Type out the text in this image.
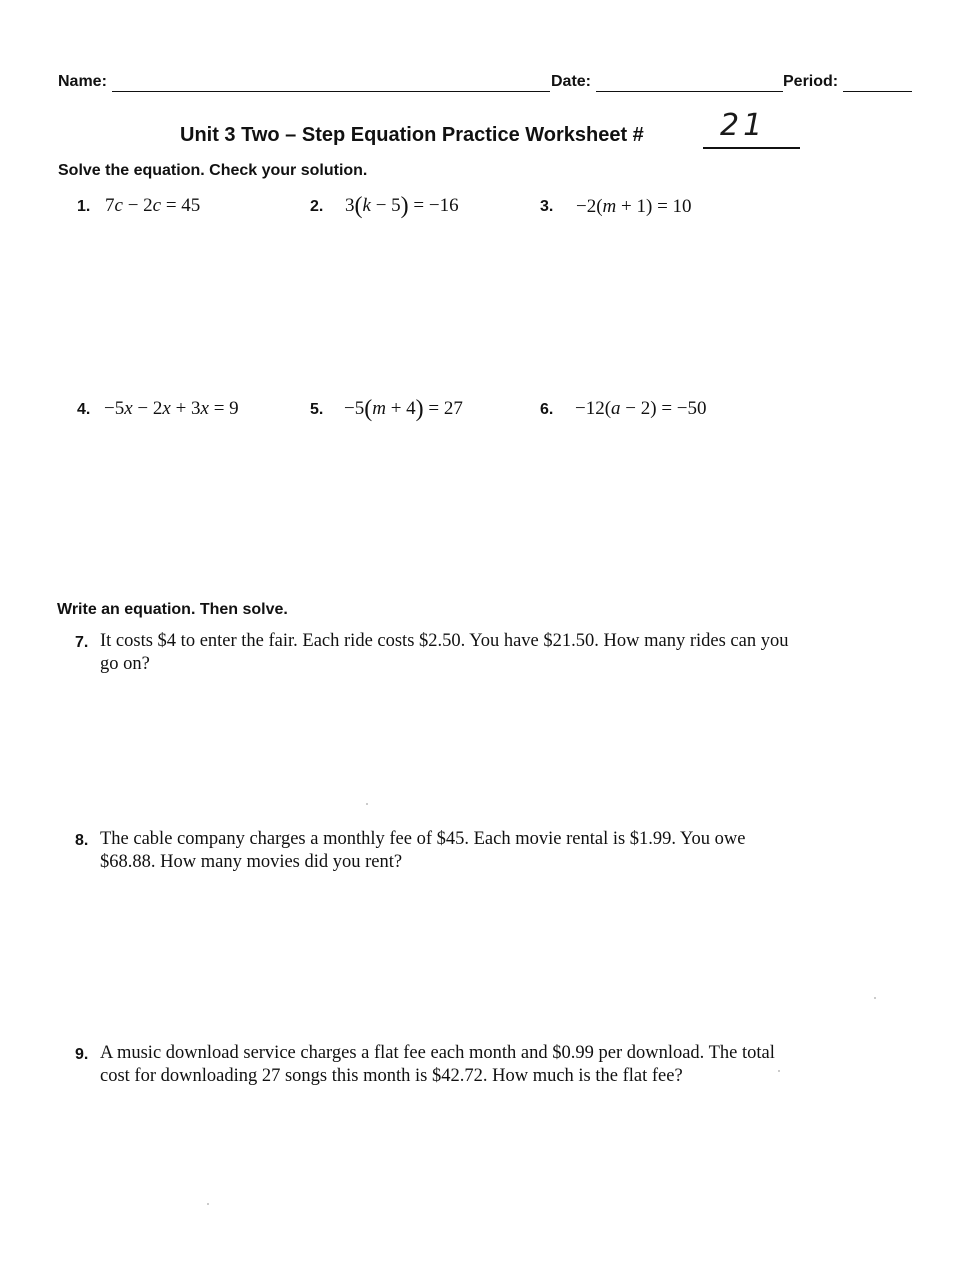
Name:	Date:	Period:
Unit 3 Two – Step Equation Practice Worksheet #	21
Solve the equation. Check your solution.
1. 7c − 2c = 45	2. 3(k − 5) = −16	3. −2(m + 1) = 10
4. −5x − 2x + 3x = 9	5. −5(m + 4) = 27	6. −12(a − 2) = −50
Write an equation. Then solve.
7. It costs $4 to enter the fair. Each ride costs $2.50. You have $21.50. How many rides can you go on?
8. The cable company charges a monthly fee of $45. Each movie rental is $1.99. You owe $68.88. How many movies did you rent?
9. A music download service charges a flat fee each month and $0.99 per download. The total cost for downloading 27 songs this month is $42.72. How much is the flat fee?
